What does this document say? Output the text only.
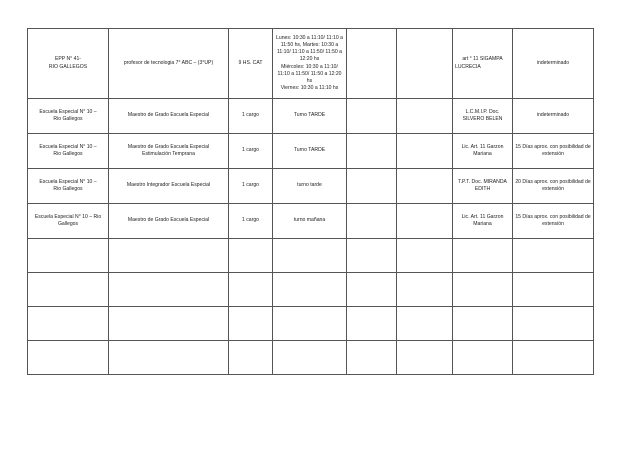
EPP N° 41-
RIO GALLEGOS	profesor de tecnologia 7° ABC – (3°UP)	9 HS. CAT	Lunes: 10:30 a 11:10/ 11:10 a 11:50 hs, Martes: 10:30 a 11:10/ 11:10 a 11:50/ 11:50 a 12:20 hs
Miércoles: 10:30 a 11:10/ 11:10 a 11:50/ 11:50 a 12:20 hs
Viernes: 10:30 a 11:10 hs			art ° 11 SIGAMPA LUCRECIA	indeterminado
Escuela Especial N° 10 –
Rio Gallegos	Maestro de Grado Escuela Especial	1 cargo	Turno TARDE			L.C.M.I.P. Doc. SILVERO BELEN	indeterminado
Escuela Especial N° 10 –
Rio Gallegos	Maestro de Grado Escuela Especial
Estimulación Temprana	1 cargo	Turno TARDE			Lic. Art. 11 Garzon Mariana	15 Días aprox. con posibilidad de extensión
Escuela Especial N° 10 –
Rio Gallegos	Maestro Integrador Escuela Especial	1 cargo	turno tarde			T.P.T. Doc. MIRANDA EDITH	20 Días aprox. con posibilidad de extensión
Escuela Especial N° 10 – Rio Gallegos	Maestro de Grado Escuela Especial	1 cargo	turno mañana			Lic. Art. 11 Garzon Mariana	15 Días aprox. con posibilidad de extensión
